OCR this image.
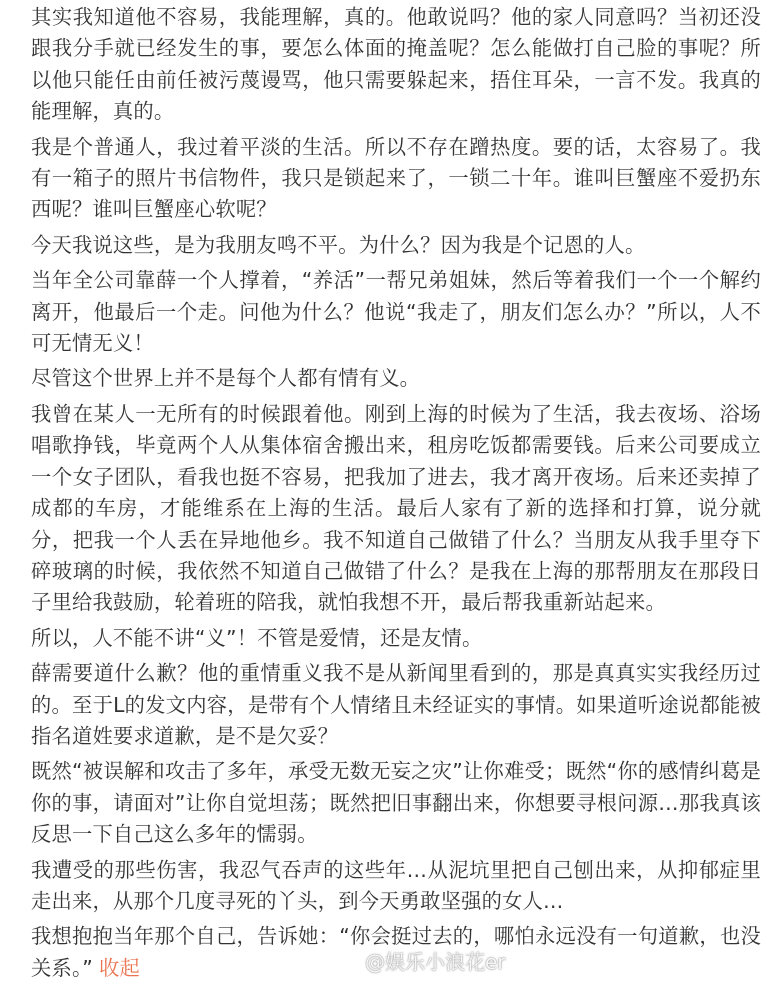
其实我知道他不容易，我能理解，真的。他敢说吗？他的家人同意吗？当初还没跟我分手就已经发生的事，要怎么体面的掩盖呢？怎么能做打自己脸的事呢？所以他只能任由前任被污蔑谩骂，他只需要躲起来，捂住耳朵，一言不发。我真的能理解，真的。

我是个普通人，我过着平淡的生活。所以不存在蹭热度。要的话，太容易了。我有一箱子的照片书信物件，我只是锁起来了，一锁二十年。谁叫巨蟹座不爱扔东西呢？谁叫巨蟹座心软呢？

今天我说这些，是为我朋友鸣不平。为什么？因为我是个记恩的人。

当年全公司靠薛一个人撑着，“养活”一帮兄弟姐妹，然后等着我们一个一个解约离开，他最后一个走。问他为什么？他说“我走了，朋友们怎么办？”所以，人不可无情无义！

尽管这个世界上并不是每个人都有情有义。

我曾在某人一无所有的时候跟着他。刚到上海的时候为了生活，我去夜场、浴场唱歌挣钱，毕竟两个人从集体宿舍搬出来，租房吃饭都需要钱。后来公司要成立一个女子团队，看我也挺不容易，把我加了进去，我才离开夜场。后来还卖掉了成都的车房，才能维系在上海的生活。最后人家有了新的选择和打算，说分就分，把我一个人丢在异地他乡。我不知道自己做错了什么？当朋友从我手里夺下碎玻璃的时候，我依然不知道自己做错了什么？是我在上海的那帮朋友在那段日子里给我鼓励，轮着班的陪我，就怕我想不开，最后帮我重新站起来。

所以，人不能不讲“义”！不管是爱情，还是友情。

薛需要道什么歉？他的重情重义我不是从新闻里看到的，那是真真实实我经历过的。至于L的发文内容，是带有个人情绪且未经证实的事情。如果道听途说都能被指名道姓要求道歉，是不是欠妥？

既然“被误解和攻击了多年，承受无数无妄之灾”让你难受；既然“你的感情纠葛是你的事，请面对”让你自觉坦荡；既然把旧事翻出来，你想要寻根问源…那我真该反思一下自己这么多年的懦弱。

我遭受的那些伤害，我忍气吞声的这些年…从泥坑里把自己刨出来，从抑郁症里走出来，从那个几度寻死的丫头，到今天勇敢坚强的女人…

我想抱抱当年那个自己，告诉她：“你会挺过去的，哪怕永远没有一句道歉，也没关系。” 收起	@娱乐小浪花er
